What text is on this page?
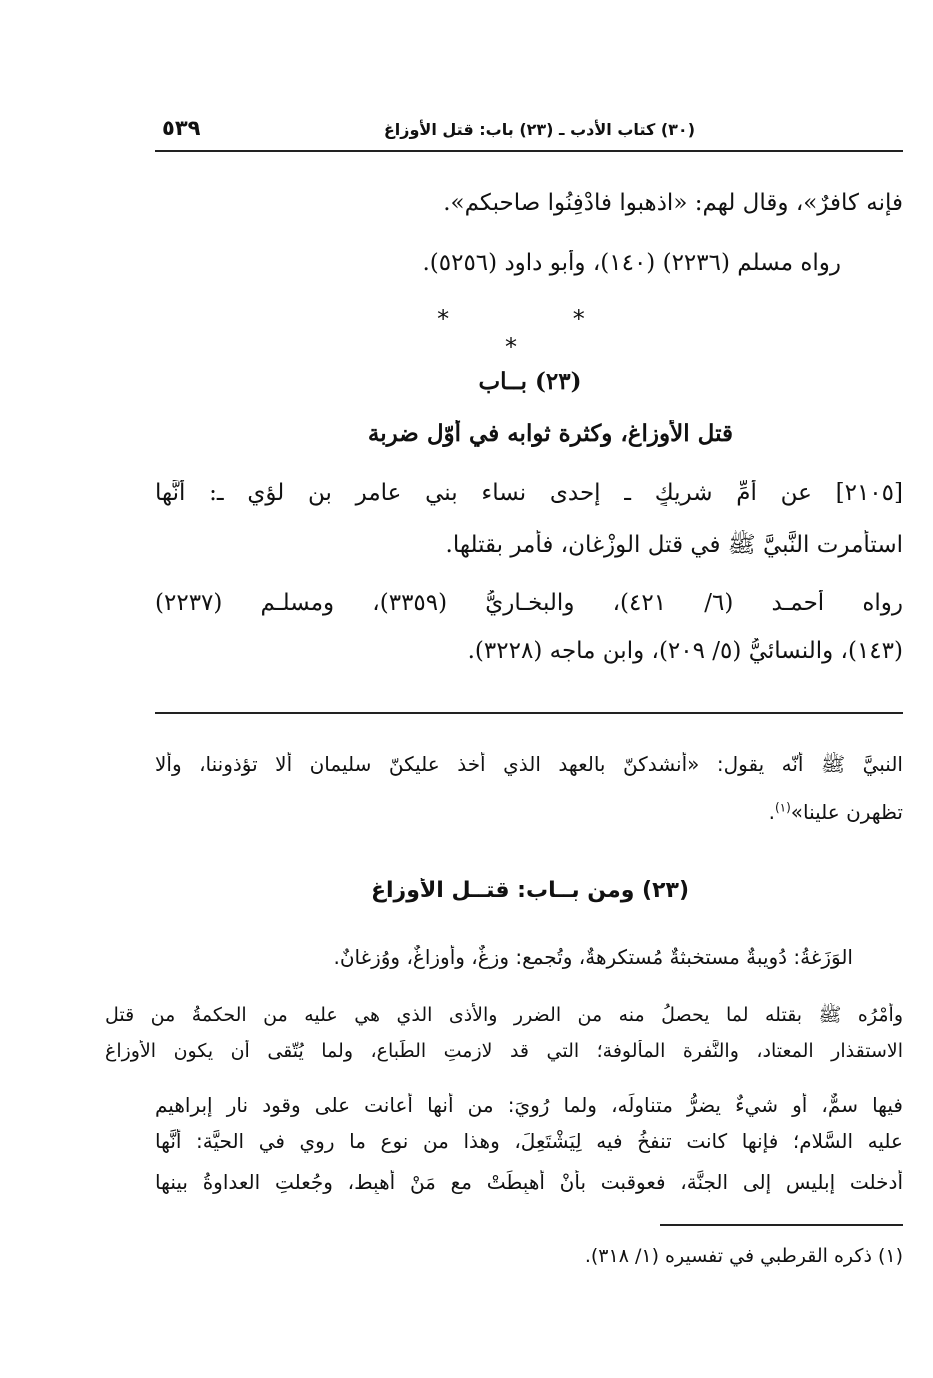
٥٣٩	(٣٠) كتاب الأدب ـ (٢٣) باب: قتل الأوزاغ
فإنه كافرٌ»، وقال لهم: «اذهبوا فادْفِنُوا صاحبكم».
رواه مسلم (٢٢٣٦) (١٤٠)، وأبو داود (٥٢٥٦).
* * *
(٢٣) بــاب
قتل الأوزاغ، وكثرة ثوابه في أوّل ضربة
[٢١٠٥] عن أمِّ شريكٍ ـ إحدى نساء بني عامر بن لؤي ـ: أنَّها
استأمرت النَّبيَّ ﷺ في قتل الوزْغان، فأمر بقتلها.
رواه أحمـد (٦/ ٤٢١)، والبخـاريُّ (٣٣٥٩)، ومسلـم (٢٢٣٧)
(١٤٣)، والنسائيُّ (٥/ ٢٠٩)، وابن ماجه (٣٢٢٨).
النبيَّ ﷺ أنّه يقول: «أنشدكنّ بالعهد الذي أخذ عليكنّ سليمان ألا تؤذوننا، وألا
تظهرن علينا»$^{(١)}$.
(٢٣) ومن بــاب: قتــل الأوزاغ
الوَزَغةُ: دُويبةٌ مستخبثةٌ مُستكرهةٌ، وتُجمع: وزغٌ، وأوزاغٌ، ووُزغانٌ.
وأمْرُه ﷺ بقتله لما يحصلُ منه من الضرر والأذى الذي هي عليه من الحكمةُ من قتل
الاستقذار المعتاد، والنَّفرة المألوفة؛ التي قد لازمتِ الطِّباع، ولما يُتّقى أن يكون الأوزاغ
فيها سمٌّ، أو شيءٌ يضرُّ متناولَه، ولما رُوِيَ: من أنها أعانت على وقود نار إبراهيم
عليه السَّلام؛ فإنها كانت تنفخُ فيه لِيَشْتَعِلَ، وهذا من نوع ما روي في الحيَّة: أنَّها
أدخلت إبليس إلى الجنَّة، فعوقبت بأنْ أُهبِطَتْ مع مَنْ أُهبِط، وجُعلتِ العداوةُ بينها
(١) ذكره القرطبي في تفسيره (١/ ٣١٨).
